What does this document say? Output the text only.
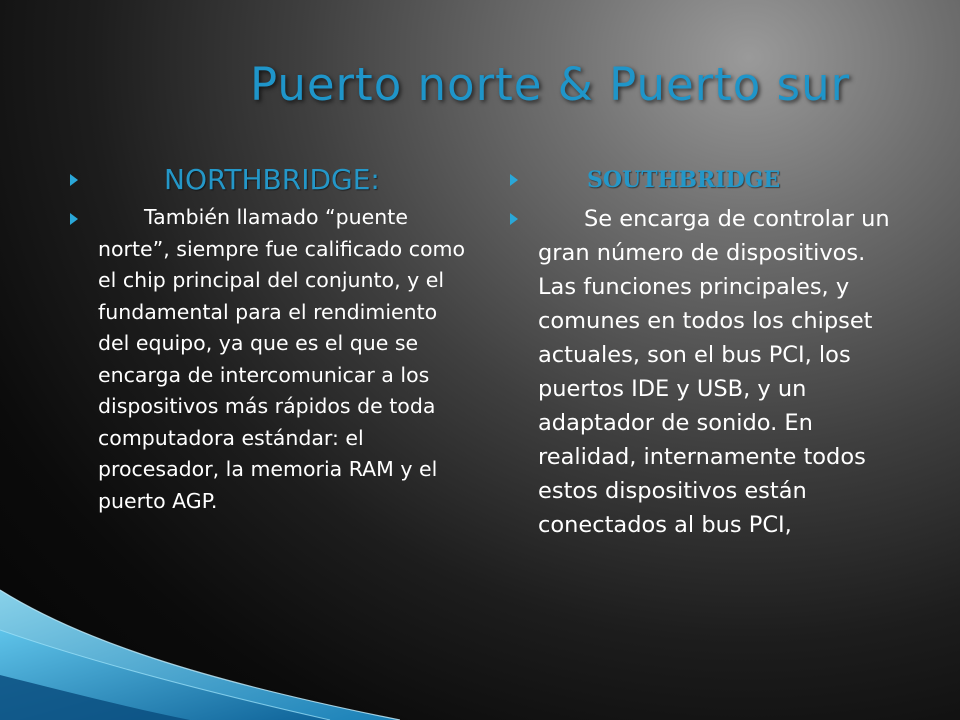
Puerto norte & Puerto sur
NORTHBRIDGE:

También llamado “puente norte”, siempre fue calificado como el chip principal del conjunto, y el fundamental para el rendimiento del equipo, ya que es el que se encarga de intercomunicar a los dispositivos más rápidos de toda computadora estándar: el procesador, la memoria RAM y el puerto AGP.

SOUTHBRIDGE

Se encarga de controlar un gran número de dispositivos. Las funciones principales, y comunes en todos los chipset actuales, son el bus PCI, los puertos IDE y USB, y un adaptador de sonido. En realidad, internamente todos estos dispositivos están conectados al bus PCI,
